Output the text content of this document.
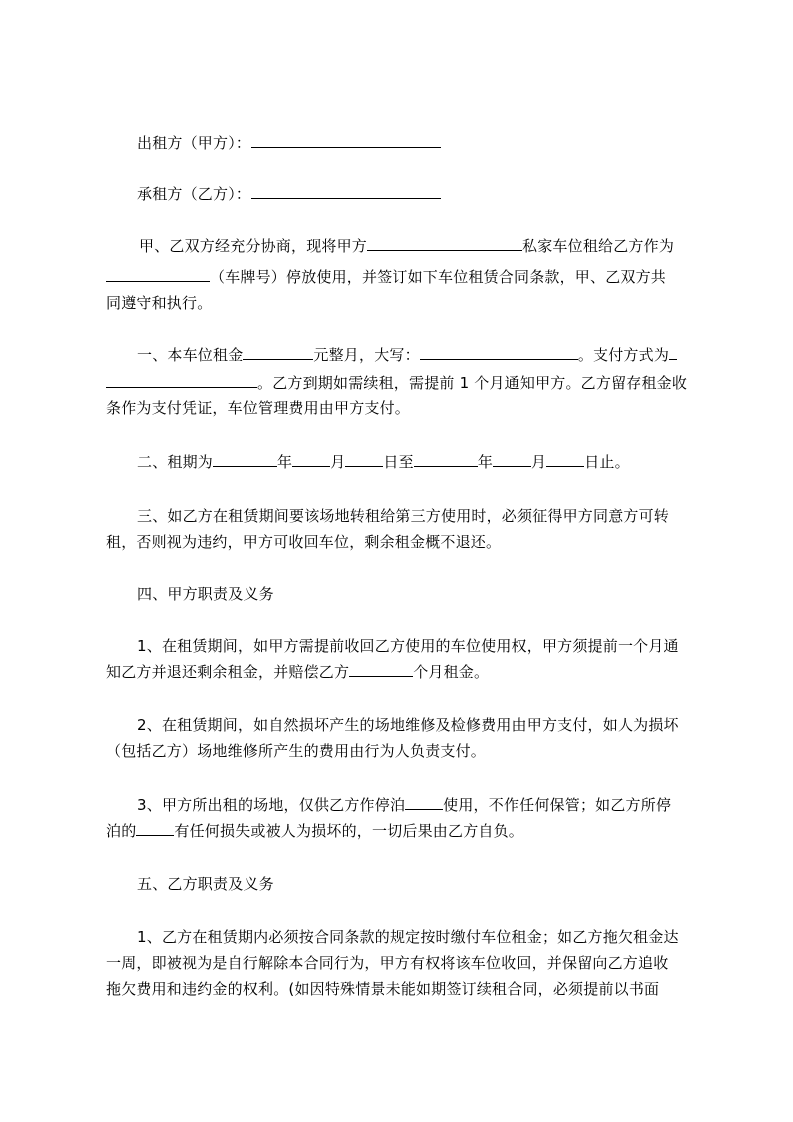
出租方（甲方）：
承租方（乙方）：
甲、乙双方经充分协商，现将甲方	私家车位租给乙方作为
（车牌号）停放使用，并签订如下车位租赁合同条款，甲、乙双方共
同遵守和执行。
一、本车位租金	元整月，大写：	。支付方式为
。乙方到期如需续租，需提前 1 个月通知甲方。乙方留存租金收
条作为支付凭证，车位管理费用由甲方支付。
二、租期为	年	月	日至	年	月	日止。
三、如乙方在租赁期间要该场地转租给第三方使用时，必须征得甲方同意方可转
租，否则视为违约，甲方可收回车位，剩余租金概不退还。
四、甲方职责及义务
1、在租赁期间，如甲方需提前收回乙方使用的车位使用权，甲方须提前一个月通
知乙方并退还剩余租金，并赔偿乙方	个月租金。
2、在租赁期间，如自然损坏产生的场地维修及检修费用由甲方支付，如人为损坏
（包括乙方）场地维修所产生的费用由行为人负责支付。
3、甲方所出租的场地，仅供乙方作停泊	使用，不作任何保管；如乙方所停
泊的	有任何损失或被人为损坏的，一切后果由乙方自负。
五、乙方职责及义务
1、乙方在租赁期内必须按合同条款的规定按时缴付车位租金；如乙方拖欠租金达
一周，即被视为是自行解除本合同行为，甲方有权将该车位收回，并保留向乙方追收
拖欠费用和违约金的权利。(如因特殊情景未能如期签订续租合同，必须提前以书面
